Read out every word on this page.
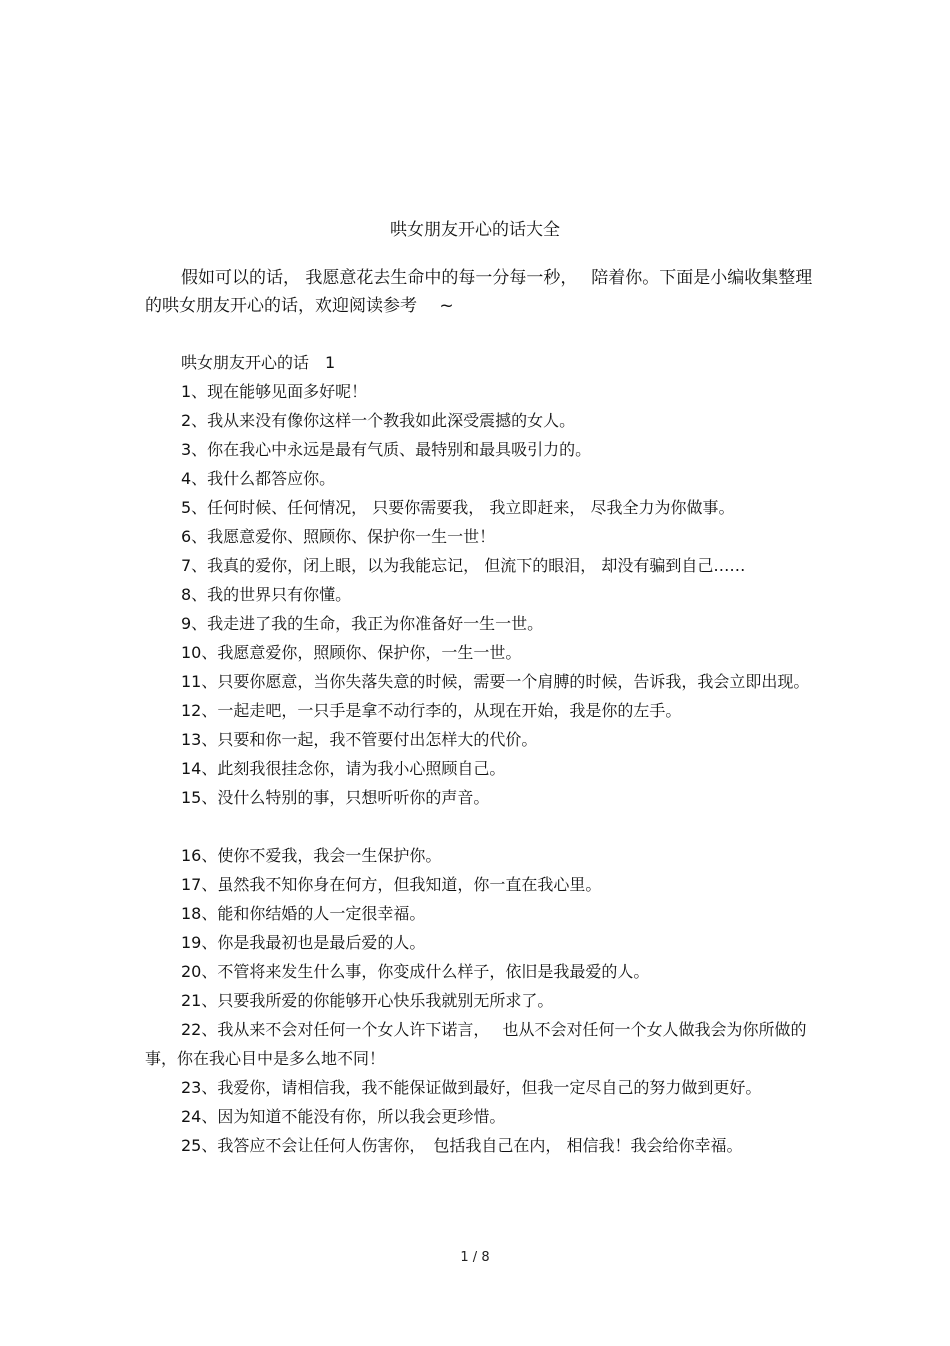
哄女朋友开心的话大全
假如可以的话， 我愿意花去生命中的每一分每一秒，　 陪着你。下面是小编收集整理的哄女朋友开心的话，欢迎阅读参考　 ~

哄女朋友开心的话　1

1、现在能够见面多好呢！

2、我从来没有像你这样一个教我如此深受震撼的女人。

3、你在我心中永远是最有气质、最特别和最具吸引力的。

4、我什么都答应你。

5、任何时候、任何情况， 只要你需要我， 我立即赶来， 尽我全力为你做事。

6、我愿意爱你、照顾你、保护你一生一世！

7、我真的爱你，闭上眼，以为我能忘记， 但流下的眼泪， 却没有骗到自己……

8、我的世界只有你懂。

9、我走进了我的生命，我正为你准备好一生一世。

10、我愿意爱你，照顾你、保护你，一生一世。

11、只要你愿意，当你失落失意的时候，需要一个肩膊的时候，告诉我，我会立即出现。

12、一起走吧，一只手是拿不动行李的，从现在开始，我是你的左手。

13、只要和你一起，我不管要付出怎样大的代价。

14、此刻我很挂念你，请为我小心照顾自己。

15、没什么特别的事，只想听听你的声音。

16、使你不爱我，我会一生保护你。

17、虽然我不知你身在何方，但我知道，你一直在我心里。

18、能和你结婚的人一定很幸福。

19、你是我最初也是最后爱的人。

20、不管将来发生什么事，你变成什么样子，依旧是我最爱的人。

21、只要我所爱的你能够开心快乐我就别无所求了。

22、我从来不会对任何一个女人许下诺言，　 也从不会对任何一个女人做我会为你所做的事，你在我心目中是多么地不同！

23、我爱你，请相信我，我不能保证做到最好，但我一定尽自己的努力做到更好。

24、因为知道不能没有你，所以我会更珍惜。

25、我答应不会让任何人伤害你，　包括我自己在内， 相信我！我会给你幸福。

1 / 8
